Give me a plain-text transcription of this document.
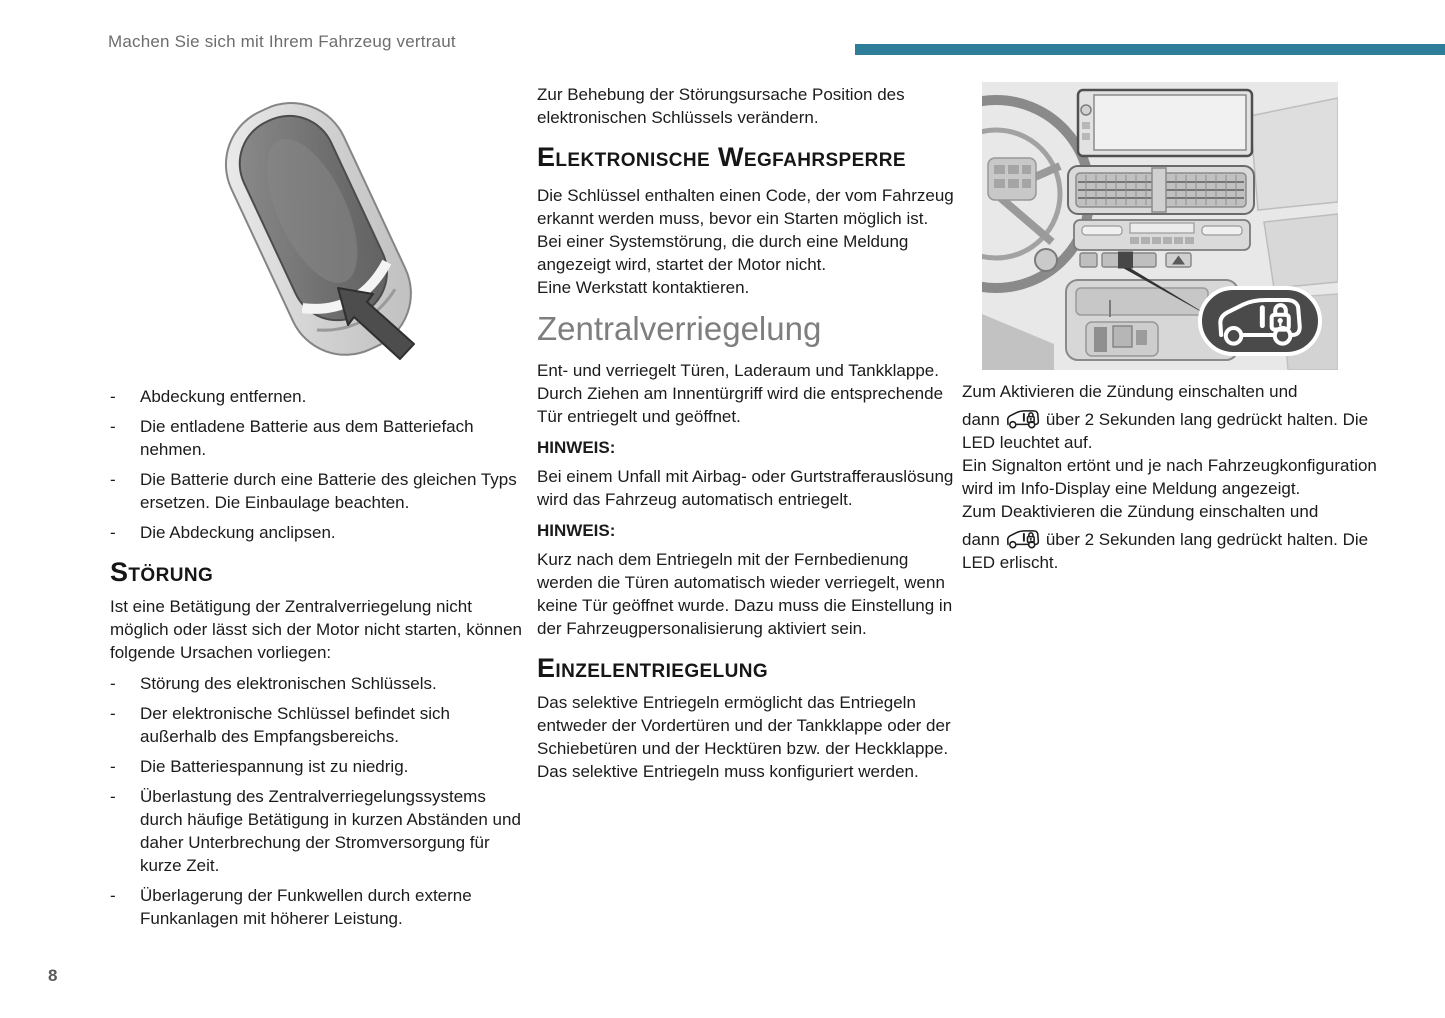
Machen Sie sich mit Ihrem Fahrzeug vertraut
-	Abdeckung entfernen.
-	Die entladene Batterie aus dem Batteriefach nehmen.
-	Die Batterie durch eine Batterie des gleichen Typs ersetzen. Die Einbaulage beachten.
-	Die Abdeckung anclipsen.
Störung

Ist eine Betätigung der Zentralverriegelung nicht möglich oder lässt sich der Motor nicht starten, können folgende Ursachen vorliegen:

-	Störung des elektronischen Schlüssels.
-	Der elektronische Schlüssel befindet sich außerhalb des Empfangsbereichs.
-	Die Batteriespannung ist zu niedrig.
-	Überlastung des Zentralverriegelungssystems durch häufige Betätigung in kurzen Abständen und daher Unterbrechung der Stromversorgung für kurze Zeit.
-	Überlagerung der Funkwellen durch externe Funkanlagen mit höherer Leistung.

Zur Behebung der Störungsursache Position des elektronischen Schlüssels verändern.

Elektronische Wegfahrsperre

Die Schlüssel enthalten einen Code, der vom Fahrzeug erkannt werden muss, bevor ein Starten möglich ist.

Bei einer Systemstörung, die durch eine Meldung angezeigt wird, startet der Motor nicht.

Eine Werkstatt kontaktieren.

Zentralverriegelung

Ent- und verriegelt Türen, Laderaum und Tankklappe.

Durch Ziehen am Innentürgriff wird die entsprechende Tür entriegelt und geöffnet.

HINWEIS:

Bei einem Unfall mit Airbag- oder Gurtstrafferauslösung wird das Fahrzeug automatisch entriegelt.

HINWEIS:

Kurz nach dem Entriegeln mit der Fernbedienung werden die Türen automatisch wieder verriegelt, wenn keine Tür geöffnet wurde. Dazu muss die Einstellung in der Fahrzeugpersonalisierung aktiviert sein.

Einzelentriegelung

Das selektive Entriegeln ermöglicht das Entriegeln entweder der Vordertüren und der Tankklappe oder der Schiebetüren und der Hecktüren bzw. der Heckklappe. Das selektive Entriegeln muss konfiguriert werden.

Zum Aktivieren die Zündung einschalten und

dann	über 2 Sekunden lang gedrückt halten. Die LED leuchtet auf.

Ein Signalton ertönt und je nach Fahrzeugkonfiguration wird im Info-Display eine Meldung angezeigt.

Zum Deaktivieren die Zündung einschalten und

dann	über 2 Sekunden lang gedrückt halten. Die LED erlischt.

8
